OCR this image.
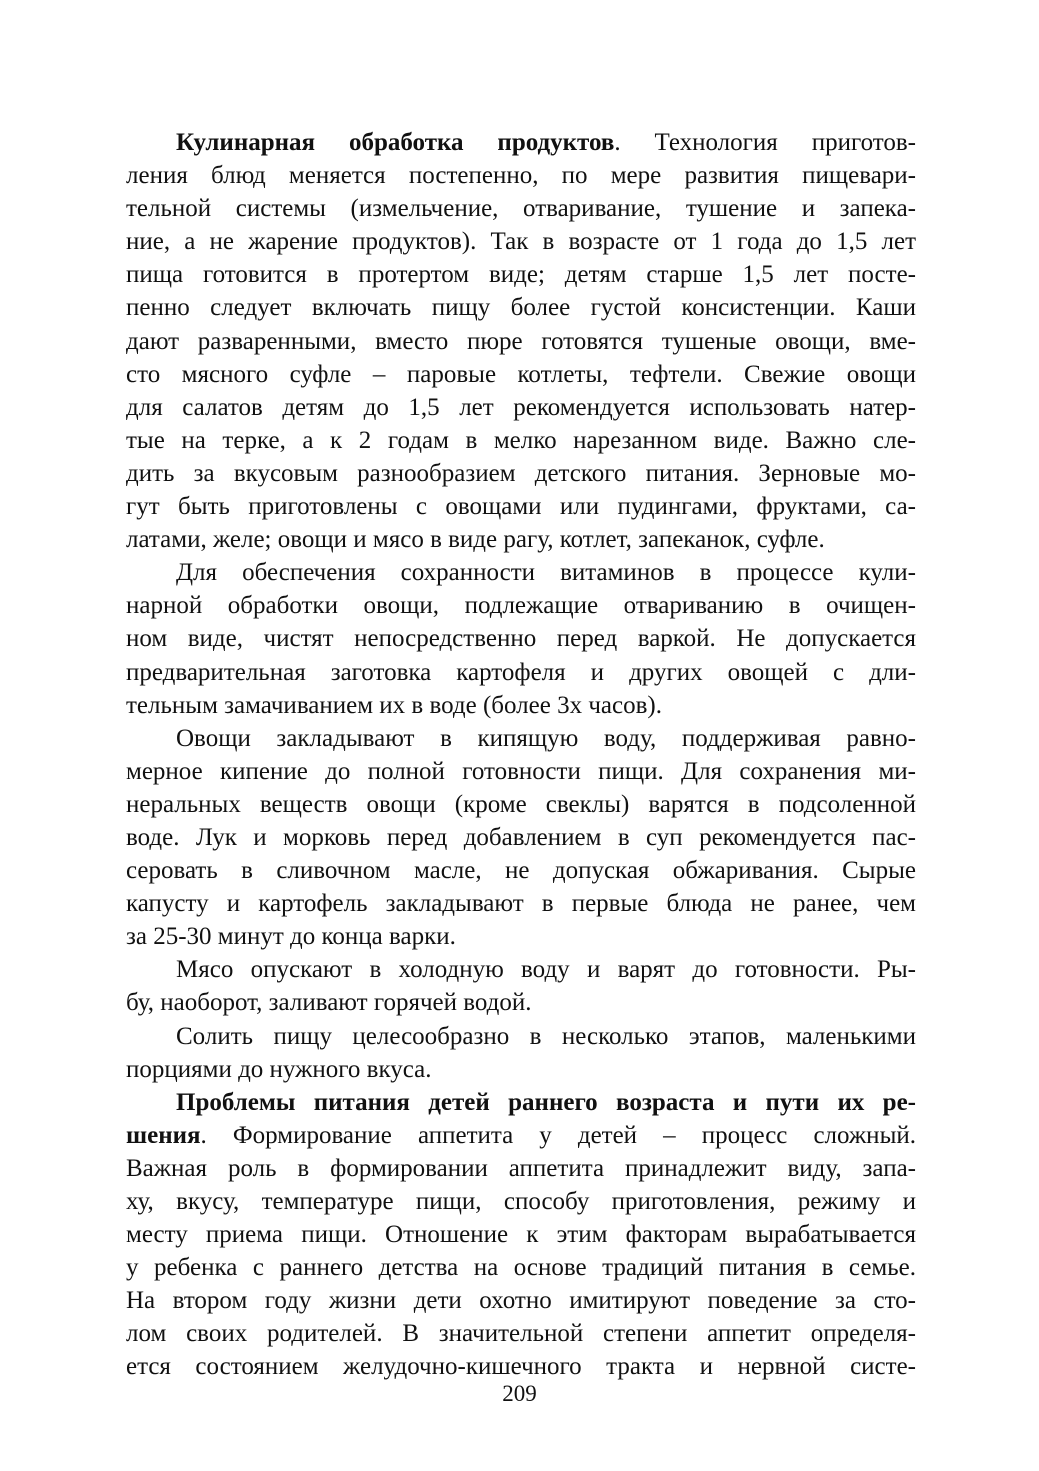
Кулинарная обработка продуктов. Технология приготов-
ления блюд меняется постепенно, по мере развития пищевари-
тельной системы (измельчение, отваривание, тушение и запека-
ние, а не жарение продуктов). Так в возрасте от 1 года до 1,5 лет
пища готовится в протертом виде; детям старше 1,5 лет посте-
пенно следует включать пищу более густой консистенции. Каши
дают разваренными, вместо пюре готовятся тушеные овощи, вме-
сто мясного суфле – паровые котлеты, тефтели. Свежие овощи
для салатов детям до 1,5 лет рекомендуется использовать натер-
тые на терке, а к 2 годам в мелко нарезанном виде. Важно сле-
дить за вкусовым разнообразием детского питания. Зерновые мо-
гут быть приготовлены с овощами или пудингами, фруктами, са-
латами, желе; овощи и мясо в виде рагу, котлет, запеканок, суфле.
Для обеспечения сохранности витаминов в процессе кули-
нарной обработки овощи, подлежащие отвариванию в очищен-
ном виде, чистят непосредственно перед варкой. Не допускается
предварительная заготовка картофеля и других овощей с дли-
тельным замачиванием их в воде (более 3х часов).
Овощи закладывают в кипящую воду, поддерживая равно-
мерное кипение до полной готовности пищи. Для сохранения ми-
неральных веществ овощи (кроме свеклы) варятся в подсоленной
воде. Лук и морковь перед добавлением в суп рекомендуется пас-
серовать в сливочном масле, не допуская обжаривания. Сырые
капусту и картофель закладывают в первые блюда не ранее, чем
за 25-30 минут до конца варки.
Мясо опускают в холодную воду и варят до готовности. Ры-
бу, наоборот, заливают горячей водой.
Солить пищу целесообразно в несколько этапов, маленькими
порциями до нужного вкуса.
Проблемы питания детей раннего возраста и пути их ре-
шения. Формирование аппетита у детей – процесс сложный.
Важная роль в формировании аппетита принадлежит виду, запа-
ху, вкусу, температуре пищи, способу приготовления, режиму и
месту приема пищи. Отношение к этим факторам вырабатывается
у ребенка с раннего детства на основе традиций питания в семье.
На втором году жизни дети охотно имитируют поведение за сто-
лом своих родителей. В значительной степени аппетит определя-
ется состоянием желудочно-кишечного тракта и нервной систе-
209
